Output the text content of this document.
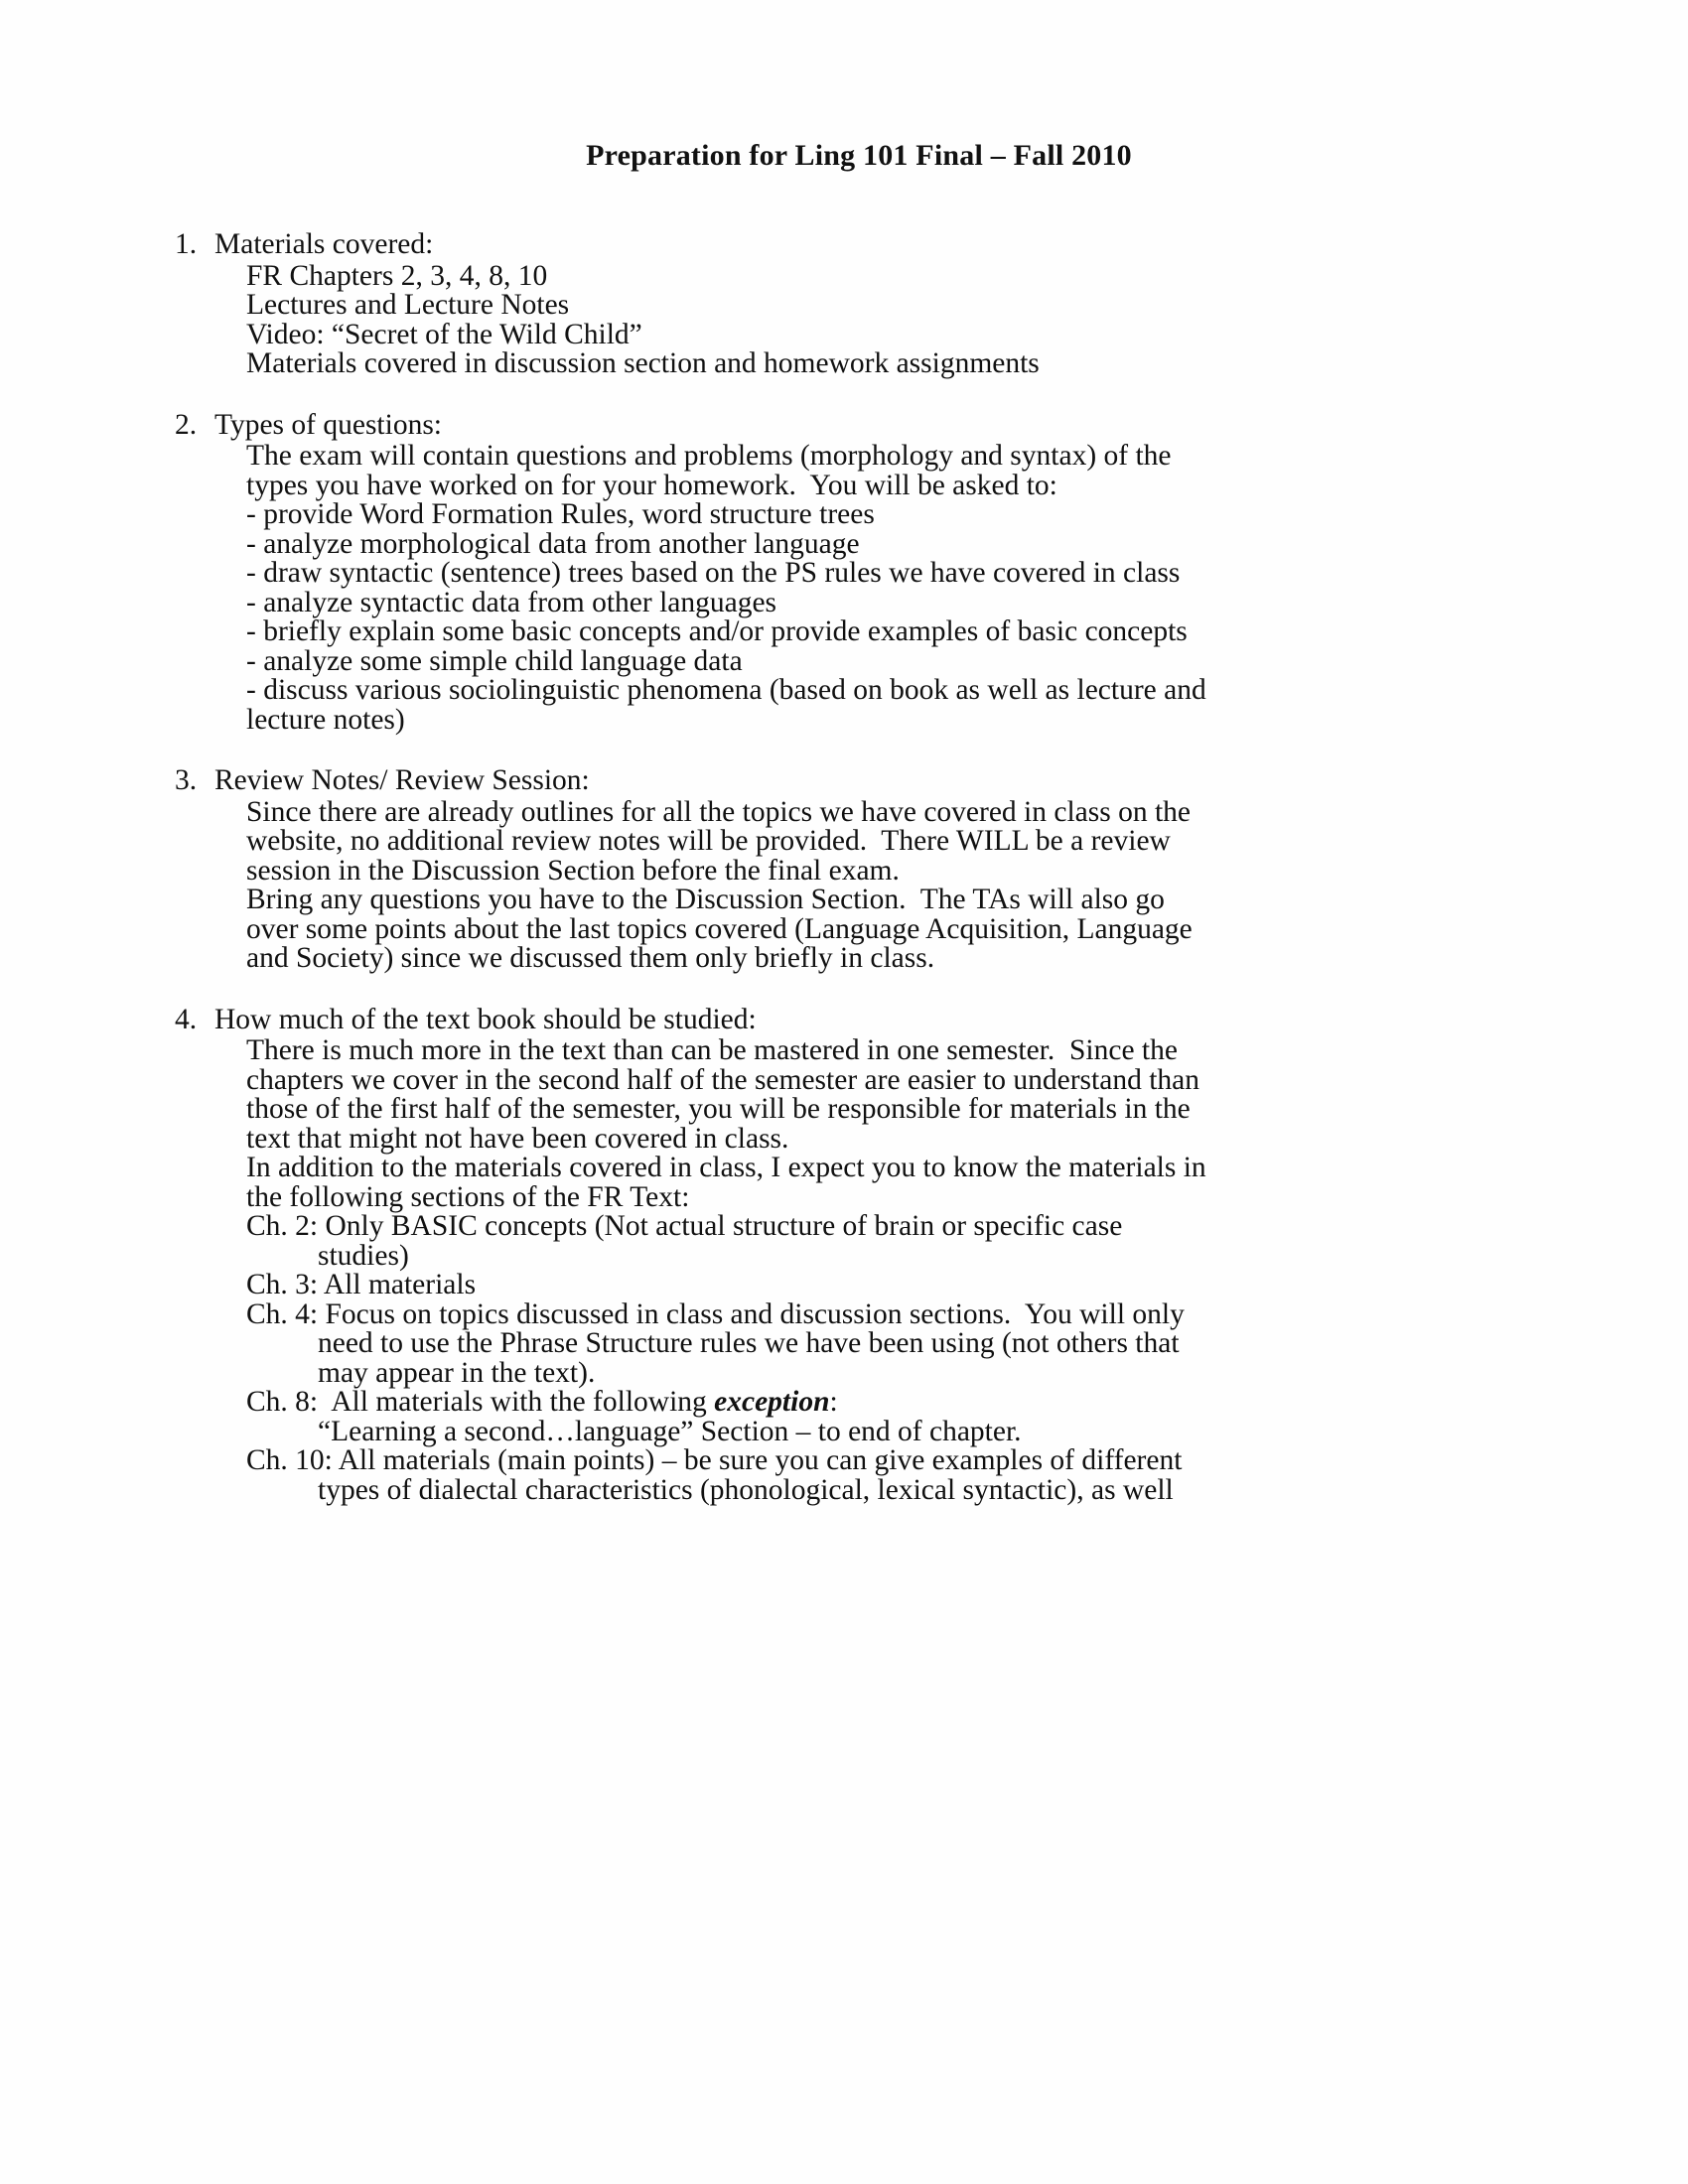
Preparation for Ling 101 Final – Fall 2010
1. Materials covered:
FR Chapters 2, 3, 4, 8, 10
Lectures and Lecture Notes
Video: “Secret of the Wild Child”
Materials covered in discussion section and homework assignments
2. Types of questions:
The exam will contain questions and problems (morphology and syntax) of the
types you have worked on for your homework.  You will be asked to:
- provide Word Formation Rules, word structure trees
- analyze morphological data from another language
- draw syntactic (sentence) trees based on the PS rules we have covered in class
- analyze syntactic data from other languages
- briefly explain some basic concepts and/or provide examples of basic concepts
- analyze some simple child language data
- discuss various sociolinguistic phenomena (based on book as well as lecture and
lecture notes)
3. Review Notes/ Review Session:
Since there are already outlines for all the topics we have covered in class on the
website, no additional review notes will be provided.  There WILL be a review
session in the Discussion Section before the final exam.
Bring any questions you have to the Discussion Section.  The TAs will also go
over some points about the last topics covered (Language Acquisition, Language
and Society) since we discussed them only briefly in class.
4. How much of the text book should be studied:
There is much more in the text than can be mastered in one semester.  Since the
chapters we cover in the second half of the semester are easier to understand than
those of the first half of the semester, you will be responsible for materials in the
text that might not have been covered in class.
In addition to the materials covered in class, I expect you to know the materials in
the following sections of the FR Text:
Ch. 2: Only BASIC concepts (Not actual structure of brain or specific case
studies)
Ch. 3: All materials
Ch. 4: Focus on topics discussed in class and discussion sections.  You will only
need to use the Phrase Structure rules we have been using (not others that
may appear in the text).
Ch. 8:  All materials with the following exception:
“Learning a second…language” Section – to end of chapter.
Ch. 10: All materials (main points) – be sure you can give examples of different
types of dialectal characteristics (phonological, lexical syntactic), as well
